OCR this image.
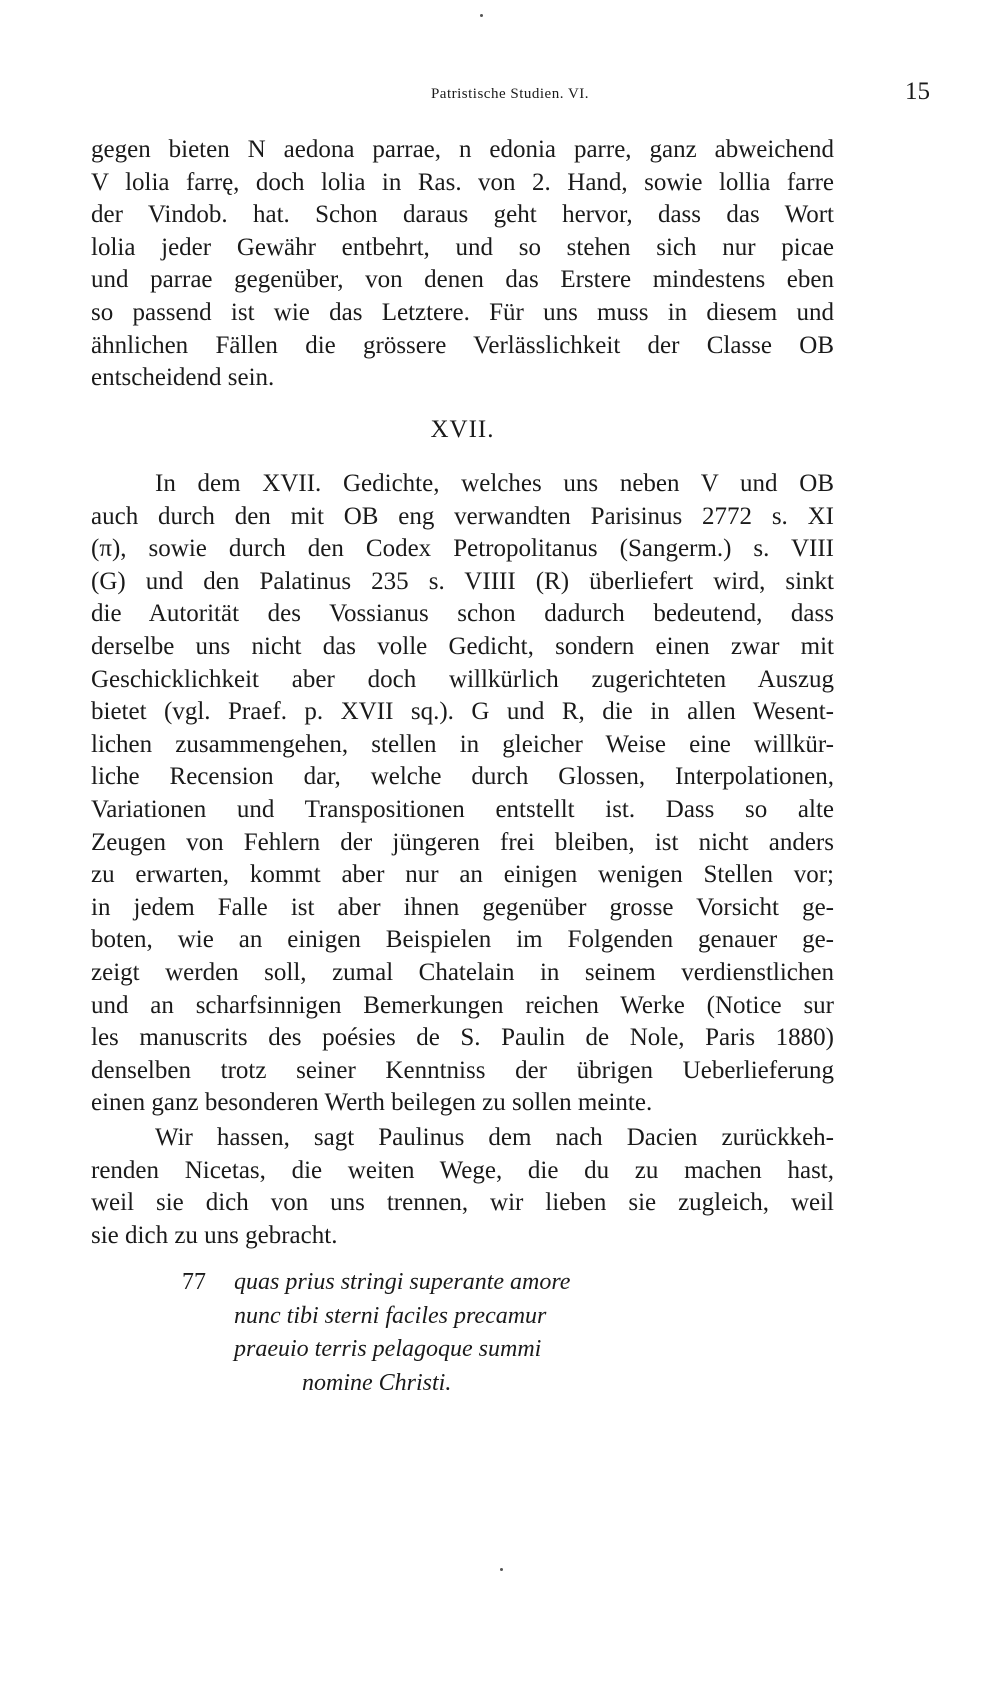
Patristische Studien. VI.	15
gegen bieten N aedona parrae, n edonia parre, ganz abweichend
V lolia farrę, doch lolia in Ras. von 2. Hand, sowie lollia farre
der Vindob. hat. Schon daraus geht hervor, dass das Wort
lolia jeder Gewähr entbehrt, und so stehen sich nur picae
und parrae gegenüber, von denen das Erstere mindestens eben
so passend ist wie das Letztere. Für uns muss in diesem und
ähnlichen Fällen die grössere Verlässlichkeit der Classe OB
entscheidend sein.
XVII.
In dem XVII. Gedichte, welches uns neben V und OB
auch durch den mit OB eng verwandten Parisinus 2772 s. XI
(π), sowie durch den Codex Petropolitanus (Sangerm.) s. VIII
(G) und den Palatinus 235 s. VIIII (R) überliefert wird, sinkt
die Autorität des Vossianus schon dadurch bedeutend, dass
derselbe uns nicht das volle Gedicht, sondern einen zwar mit
Geschicklichkeit aber doch willkürlich zugerichteten Auszug
bietet (vgl. Praef. p. XVII sq.). G und R, die in allen Wesent-
lichen zusammengehen, stellen in gleicher Weise eine willkür-
liche Recension dar, welche durch Glossen, Interpolationen,
Variationen und Transpositionen entstellt ist. Dass so alte
Zeugen von Fehlern der jüngeren frei bleiben, ist nicht anders
zu erwarten, kommt aber nur an einigen wenigen Stellen vor;
in jedem Falle ist aber ihnen gegenüber grosse Vorsicht ge-
boten, wie an einigen Beispielen im Folgenden genauer ge-
zeigt werden soll, zumal Chatelain in seinem verdienstlichen
und an scharfsinnigen Bemerkungen reichen Werke (Notice sur
les manuscrits des poésies de S. Paulin de Nole, Paris 1880)
denselben trotz seiner Kenntniss der übrigen Ueberlieferung
einen ganz besonderen Werth beilegen zu sollen meinte.
Wir hassen, sagt Paulinus dem nach Dacien zurückkeh-
renden Nicetas, die weiten Wege, die du zu machen hast,
weil sie dich von uns trennen, wir lieben sie zugleich, weil
sie dich zu uns gebracht.
77 quas prius stringi superante amore
nunc tibi sterni faciles precamur
praeuio terris pelagoque summi
nomine Christi.
